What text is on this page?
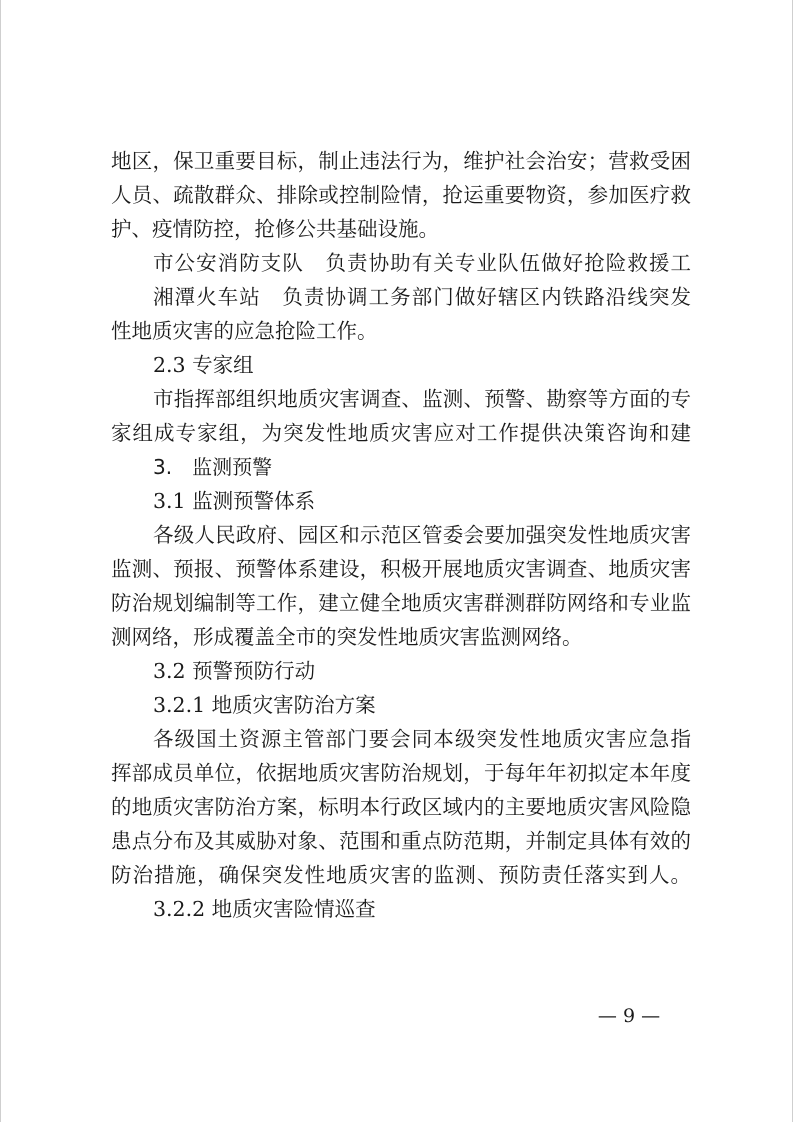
地区，保卫重要目标，制止违法行为，维护社会治安；营救受困
人员、疏散群众、排除或控制险情，抢运重要物资，参加医疗救
护、疫情防控，抢修公共基础设施。
市公安消防支队　负责协助有关专业队伍做好抢险救援工
湘潭火车站　负责协调工务部门做好辖区内铁路沿线突发
性地质灾害的应急抢险工作。
2.3 专家组
市指挥部组织地质灾害调查、监测、预警、勘察等方面的专
家组成专家组，为突发性地质灾害应对工作提供决策咨询和建
3.　监测预警
3.1 监测预警体系
各级人民政府、园区和示范区管委会要加强突发性地质灾害
监测、预报、预警体系建设，积极开展地质灾害调查、地质灾害
防治规划编制等工作，建立健全地质灾害群测群防网络和专业监
测网络，形成覆盖全市的突发性地质灾害监测网络。
3.2 预警预防行动
3.2.1 地质灾害防治方案
各级国土资源主管部门要会同本级突发性地质灾害应急指
挥部成员单位，依据地质灾害防治规划，于每年年初拟定本年度
的地质灾害防治方案，标明本行政区域内的主要地质灾害风险隐
患点分布及其威胁对象、范围和重点防范期，并制定具体有效的
防治措施，确保突发性地质灾害的监测、预防责任落实到人。
3.2.2 地质灾害险情巡查
— 9 —
